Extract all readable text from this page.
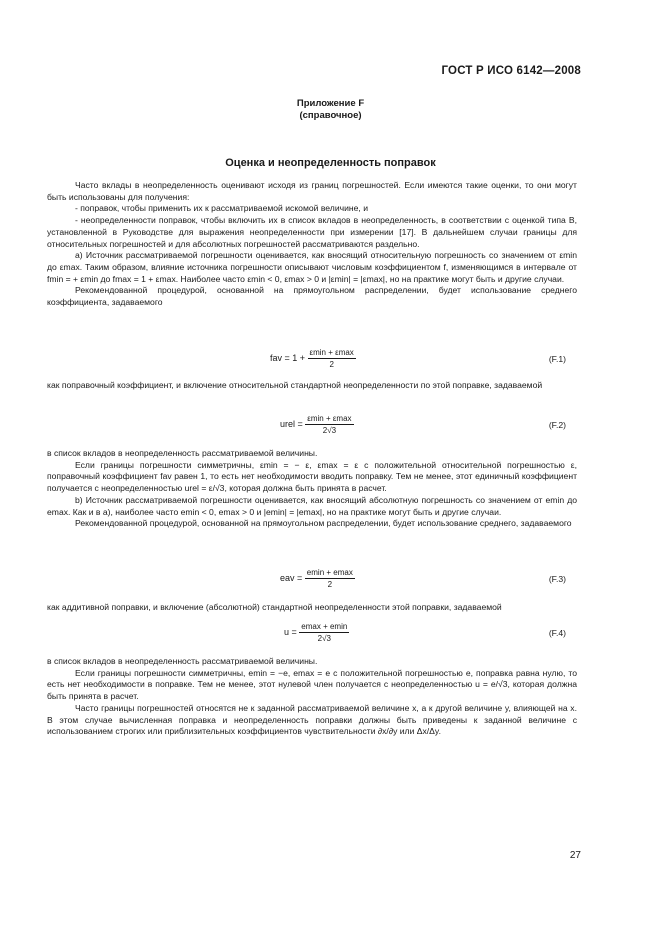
ГОСТ Р ИСО 6142—2008
Приложение F
(справочное)
Оценка и неопределенность поправок

Часто вклады в неопределенность оценивают исходя из границ погрешностей. Если имеются такие оценки, то они могут быть использованы для получения:

- поправок, чтобы применить их к рассматриваемой искомой величине, и

- неопределенности поправок, чтобы включить их в список вкладов в неопределенность, в соответствии с оценкой типа В, установленной в Руководстве для выражения неопределенности при измерении [17]. В дальнейшем случаи границы для относительных погрешностей и для абсолютных погрешностей рассматриваются раздельно.

а) Источник рассматриваемой погрешности оценивается, как вносящий относительную погрешность со значением от εmin до εmax. Таким образом, влияние источника погрешности описывают числовым коэффициентом f, изменяющимся в интервале от fmin = + εmin до fmax = 1 + εmax. Наиболее часто εmin < 0, εmax > 0 и |εmin| = |εmax|, но на практике могут быть и другие случаи.

Рекомендованной процедурой, основанной на прямоугольном распределении, будет использование среднего коэффициента, задаваемого

fav = $1 + \frac{\varepsilon\min + \varepsilon\max}{2}$	(F.1)

как поправочный коэффициент, и включение относительной стандартной неопределенности по этой поправке, задаваемой

urel = $\frac{\varepsilon\min + \varepsilon\max}{2√3}$	(F.2)

в список вкладов в неопределенность рассматриваемой величины.

Если границы погрешности симметричны, εmin = − ε, εmax = ε с положительной относительной погрешностью ε, поправочный коэффициент fav равен 1, то есть нет необходимости вводить поправку. Тем не менее, этот единичный коэффициент получается с неопределенностью urel = ε/√3, которая должна быть принята в расчет.

b) Источник рассматриваемой погрешности оценивается, как вносящий абсолютную погрешность со значением от emin до emax. Как и в а), наиболее часто emin < 0, emax > 0 и |emin| = |emax|, но на практике могут быть и другие случаи.

Рекомендованной процедурой, основанной на прямоугольном распределении, будет использование среднего, задаваемого

eav = $\frac{emin + emax}{2}$	(F.3)

как аддитивной поправки, и включение (абсолютной) стандартной неопределенности этой поправки, задаваемой

$u = \frac{emax + emin}{2√3}$	(F.4)

в список вкладов в неопределенность рассматриваемой величины.

Если границы погрешности симметричны, emin = −e, emax = e с положительной погрешностью e, поправка равна нулю, то есть нет необходимости в поправке. Тем не менее, этот нулевой член получается с неопределенностью u = e/√3, которая должна быть принята в расчет.

Часто границы погрешностей относятся не к заданной рассматриваемой величине x, а к другой величине y, влияющей на x. В этом случае вычисленная поправка и неопределенность поправки должны быть приведены к заданной величине с использованием строгих или приблизительных коэффициентов чувствительности ∂x/∂y или Δx/Δy.

27
